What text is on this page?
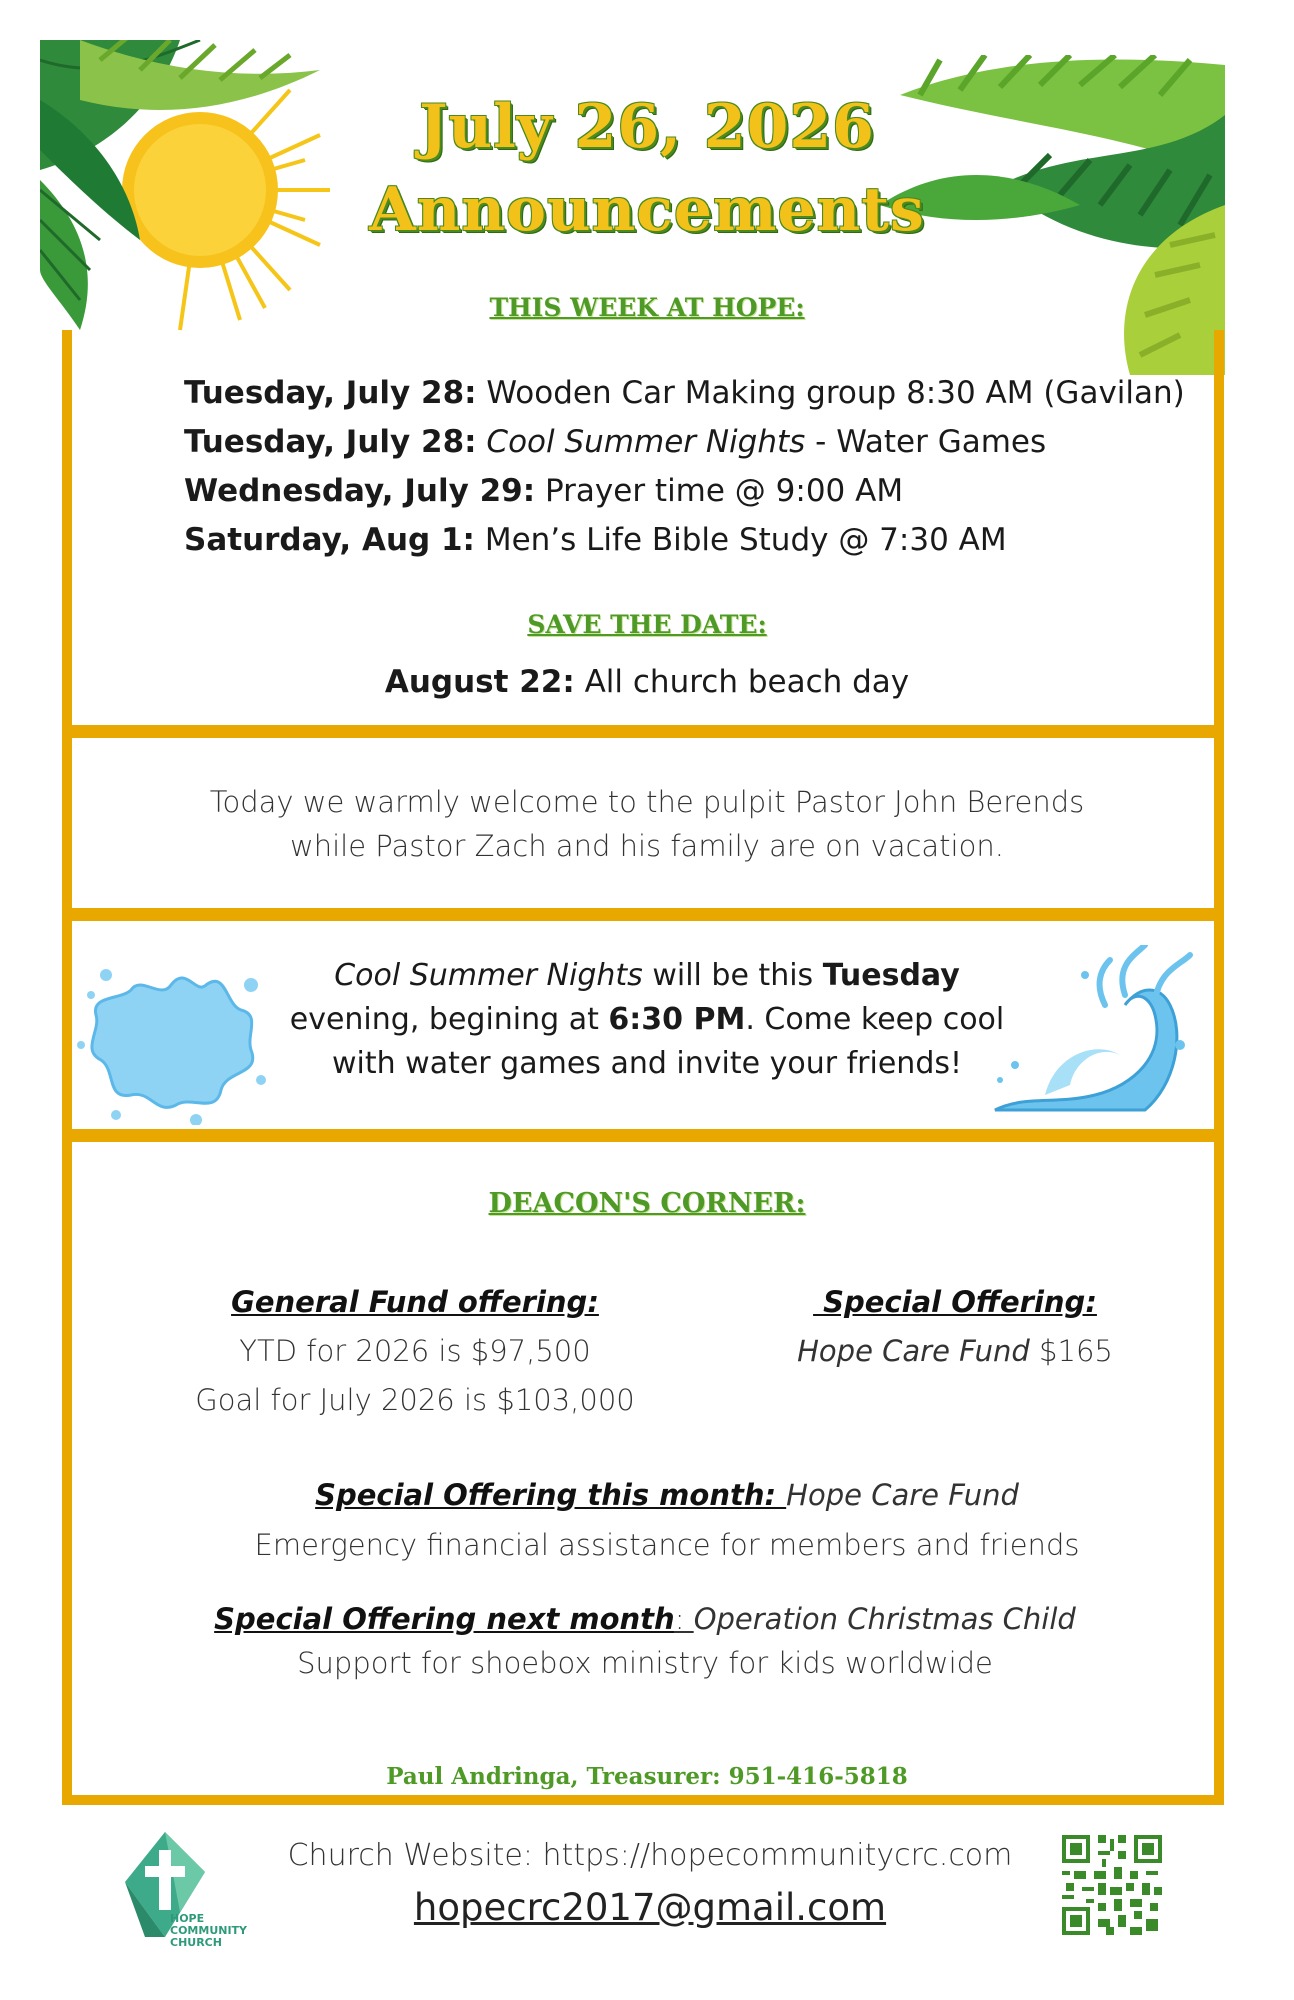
July 26, 2026
Announcements
THIS WEEK AT HOPE:
Tuesday, July 28: Wooden Car Making group 8:30 AM (Gavilan)
Tuesday, July 28: Cool Summer Nights - Water Games
Wednesday, July 29: Prayer time @ 9:00 AM
Saturday, Aug 1: Men’s Life Bible Study @ 7:30 AM
SAVE THE DATE:
August 22: All church beach day
Today we warmly welcome to the pulpit Pastor John Berends
while Pastor Zach and his family are on vacation.
Cool Summer Nights will be this Tuesday
evening, begining at 6:30 PM. Come keep cool
with water games and invite your friends!
DEACON'S CORNER:
General Fund offering:
YTD for 2026 is $97,500
Goal for July 2026 is $103,000
Special Offering:
Hope Care Fund $165
Special Offering this month: Hope Care Fund
Emergency financial assistance for members and friends
Special Offering next month: Operation Christmas Child
Support for shoebox ministry for kids worldwide
Paul Andringa, Treasurer: 951-416-5818
HOPE
COMMUNITY
CHURCH
Church Website: https://hopecommunitycrc.com
hopecrc2017@gmail.com
